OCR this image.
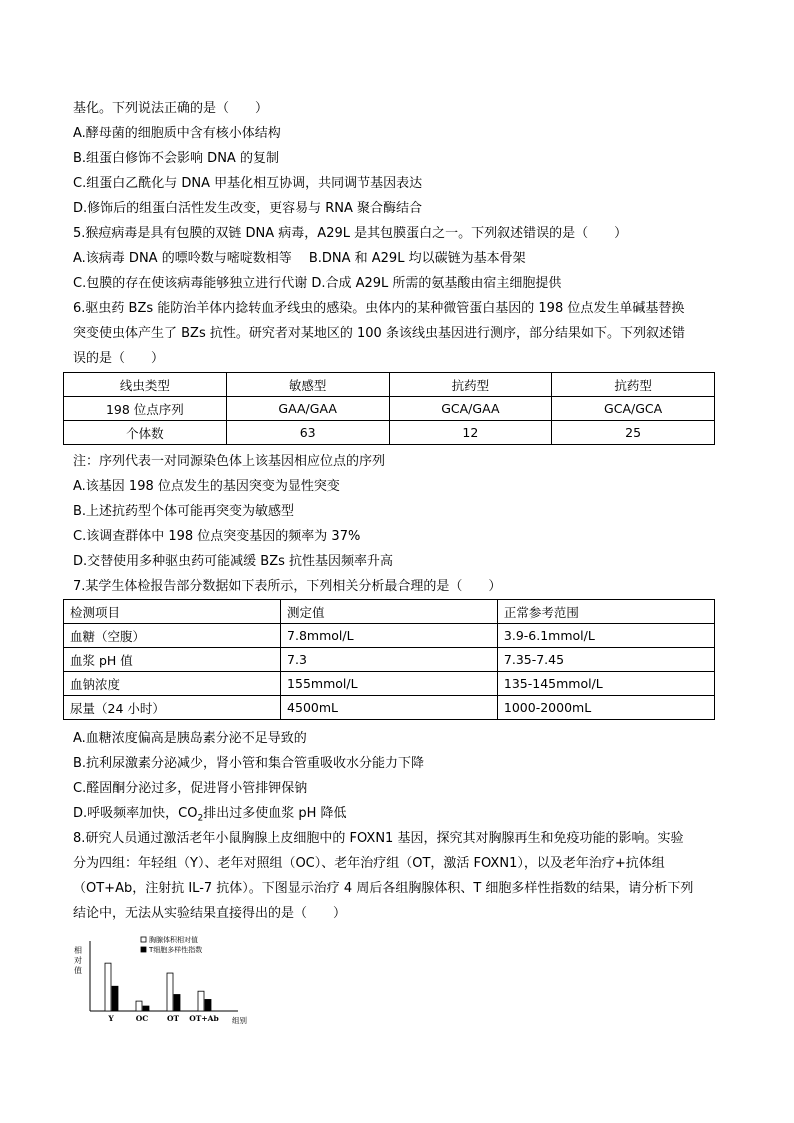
基化。下列说法正确的是（　　）
A.酵母菌的细胞质中含有核小体结构
B.组蛋白修饰不会影响 DNA 的复制
C.组蛋白乙酰化与 DNA 甲基化相互协调，共同调节基因表达
D.修饰后的组蛋白活性发生改变，更容易与 RNA 聚合酶结合
5.猴痘病毒是具有包膜的双链 DNA 病毒，A29L 是其包膜蛋白之一。下列叙述错误的是（　　）
A.该病毒 DNA 的嘌呤数与嘧啶数相等　 B.DNA 和 A29L 均以碳链为基本骨架
C.包膜的存在使该病毒能够独立进行代谢 D.合成 A29L 所需的氨基酸由宿主细胞提供
6.驱虫药 BZs 能防治羊体内捻转血矛线虫的感染。虫体内的某种微管蛋白基因的 198 位点发生单碱基替换
突变使虫体产生了 BZs 抗性。研究者对某地区的 100 条该线虫基因进行测序，部分结果如下。下列叙述错
误的是（　　）
线虫类型	敏感型	抗药型	抗药型
198 位点序列	GAA/GAA	GCA/GAA	GCA/GCA
个体数	63	12	25
注：序列代表一对同源染色体上该基因相应位点的序列
A.该基因 198 位点发生的基因突变为显性突变
B.上述抗药型个体可能再突变为敏感型
C.该调查群体中 198 位点突变基因的频率为 37%
D.交替使用多种驱虫药可能减缓 BZs 抗性基因频率升高
7.某学生体检报告部分数据如下表所示，下列相关分析最合理的是（　　）
检测项目	测定值	正常参考范围
血糖（空腹）	7.8mmol/L	3.9-6.1mmol/L
血浆 pH 值	7.3	7.35-7.45
血钠浓度	155mmol/L	135-145mmol/L
尿量（24 小时）	4500mL	1000-2000mL
A.血糖浓度偏高是胰岛素分泌不足导致的
B.抗利尿激素分泌减少，肾小管和集合管重吸收水分能力下降
C.醛固酮分泌过多，促进肾小管排钾保钠
D.呼吸频率加快，$CO_2$排出过多使血浆 pH 降低
8.研究人员通过激活老年小鼠胸腺上皮细胞中的 FOXN1 基因，探究其对胸腺再生和免疫功能的影响。实验
分为四组：年轻组（Y）、老年对照组（OC）、老年治疗组（OT，激活 FOXN1），以及老年治疗+抗体组
（OT+Ab，注射抗 IL-7 抗体）。下图显示治疗 4 周后各组胸腺体积、T 细胞多样性指数的结果，请分析下列
结论中，无法从实验结果直接得出的是（　　）
相
对
值
胸腺体积相对值
T细胞多样性指数
Y	OC OT OT+Ab 组别
